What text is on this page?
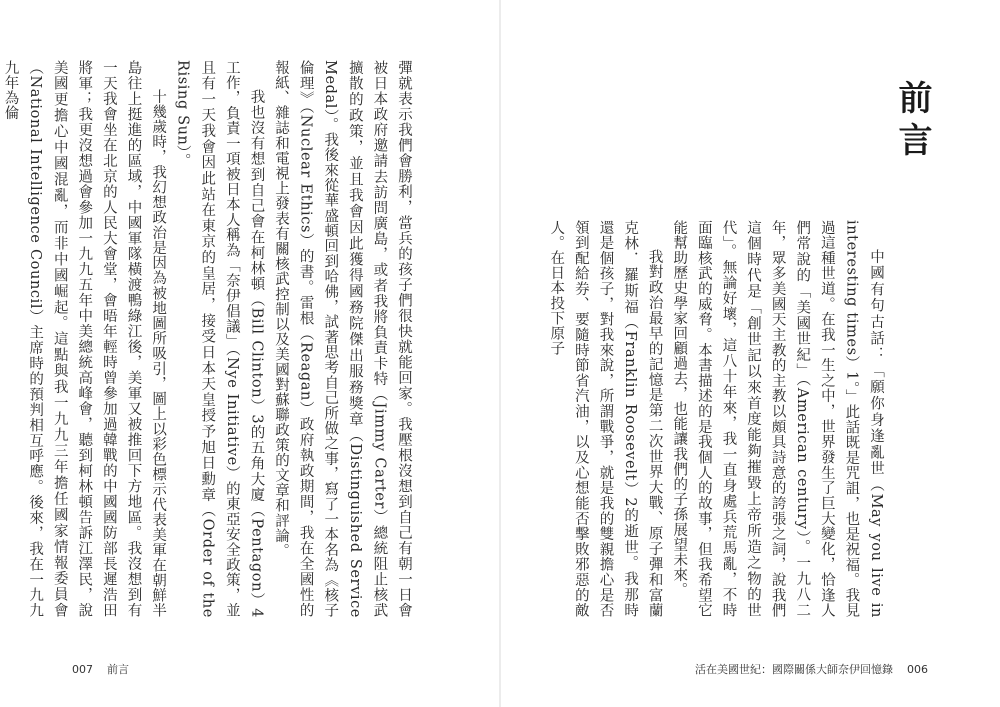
彈就表示我們會勝利，當兵的孩子們很快就能回家。我壓根沒想到自己有朝一日會被日本政府邀請去訪問廣島，或者我將負責卡特（Jimmy Carter）總統阻止核武擴散的政策，並且我會因此獲得國務院傑出服務獎章（Distinguished Service Medal）。我後來從華盛頓回到哈佛，試著思考自己所做之事，寫了一本名為《核子倫理》（Nuclear Ethics）的書。雷根（Reagan）政府執政期間，我在全國性的報紙、雜誌和電視上發表有關核武控制以及美國對蘇聯政策的文章和評論。

我也沒有想到自己會在柯林頓（Bill Clinton）3的五角大廈（Pentagon）4工作，負責一項被日本人稱為「奈伊倡議」（Nye Initiative）的東亞安全政策，並且有一天我會因此站在東京的皇居，接受日本天皇授予旭日勳章（Order of the Rising Sun）。

十幾歲時，我幻想政治是因為被地圖所吸引，圖上以彩色標示代表美軍在朝鮮半島往上挺進的區域，中國軍隊橫渡鴨綠江後，美軍又被推回下方地區。我沒想到有一天我會坐在北京的人民大會堂，會晤年輕時曾參加過韓戰的中國國防部長遲浩田將軍；我更沒想過會參加一九九五年中美總統高峰會，聽到柯林頓告訴江澤民，說美國更擔心中國混亂，而非中國崛起。這點與我一九九三年擔任國家情報委員會（National Intelligence Council）主席時的預判相互呼應。後來，我在一九九九年為倫

007 前言
前言

中國有句古話：「願你身逢亂世（May you live in interesting times）1。」此話既是咒詛，也是祝福。我見過這種世道。在我一生之中，世界發生了巨大變化，恰逢人們常說的「美國世紀」（American century）。一九八二年，眾多美國天主教的主教以頗具詩意的誇張之詞，說我們這個時代是「創世記以來首度能夠摧毀上帝所造之物的世代」。無論好壞，這八十年來，我一直身處兵荒馬亂，不時面臨核武的威脅。本書描述的是我個人的故事，但我希望它能幫助歷史學家回顧過去，也能讓我們的子孫展望未來。

我對政治最早的記憶是第二次世界大戰、原子彈和富蘭克林．羅斯福（Franklin Roosevelt）2的逝世。我那時還是個孩子，對我來說，所謂戰爭，就是我的雙親擔心是否領到配給券、要隨時節省汽油，以及心想能否擊敗邪惡的敵人。在日本投下原子

活在美國世紀：國際關係大師奈伊回憶錄 006
